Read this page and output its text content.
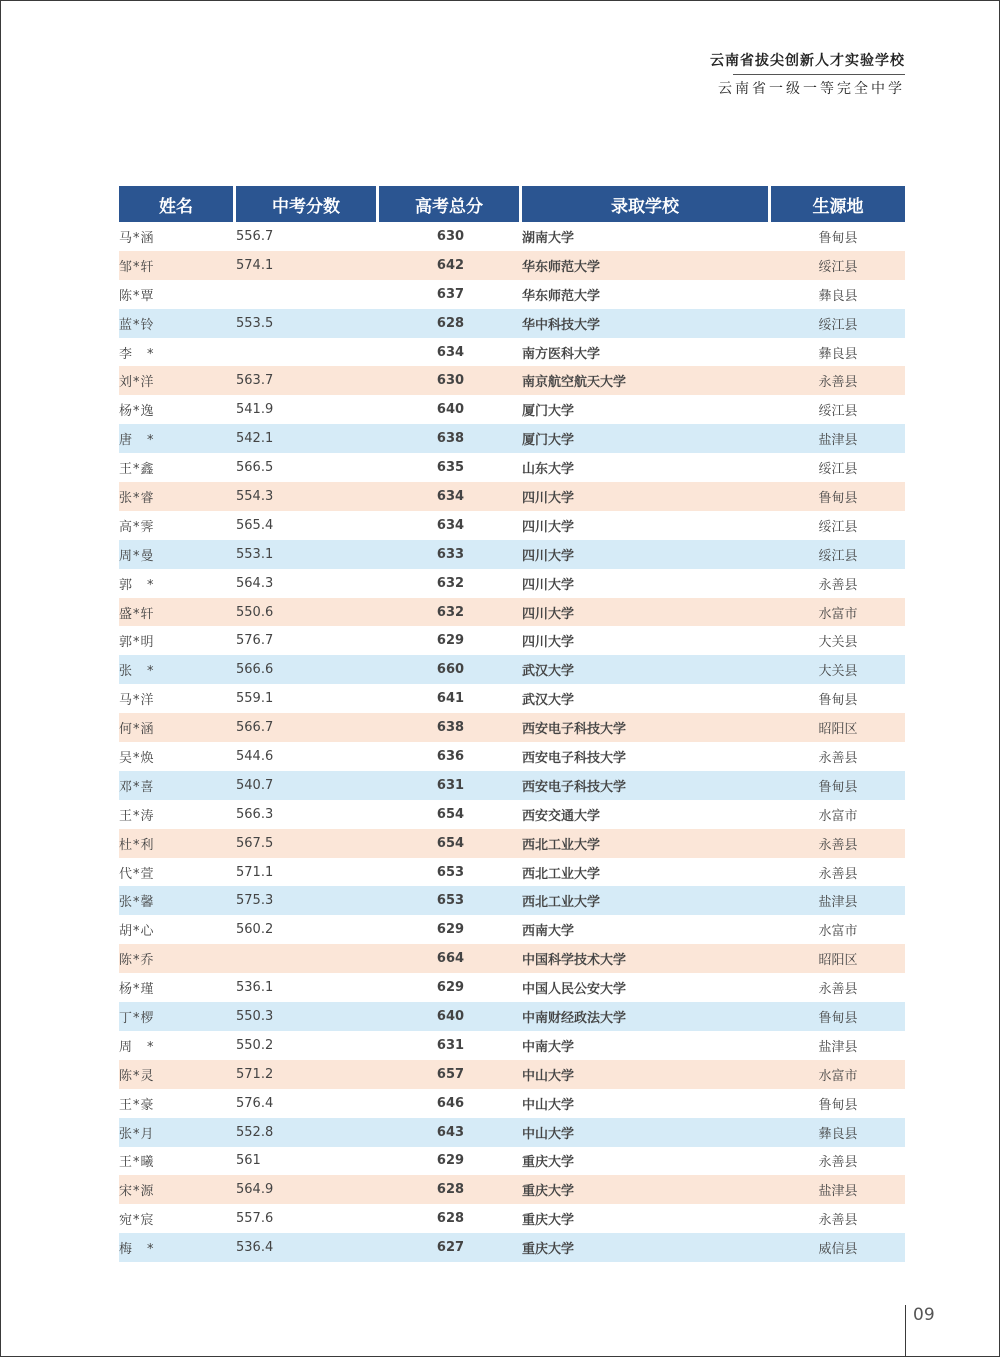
云南省拔尖创新人才实验学校
云南省一级一等完全中学
姓名	中考分数	高考总分	录取学校	生源地
马*涵	556.7	630	湖南大学	鲁甸县
邹*轩	574.1	642	华东师范大学	绥江县
陈*覃		637	华东师范大学	彝良县
蓝*铃	553.5	628	华中科技大学	绥江县
李　*		634	南方医科大学	彝良县
刘*洋	563.7	630	南京航空航天大学	永善县
杨*逸	541.9	640	厦门大学	绥江县
唐　*	542.1	638	厦门大学	盐津县
王*鑫	566.5	635	山东大学	绥江县
张*睿	554.3	634	四川大学	鲁甸县
高*霁	565.4	634	四川大学	绥江县
周*曼	553.1	633	四川大学	绥江县
郭　*	564.3	632	四川大学	永善县
盛*轩	550.6	632	四川大学	水富市
郭*明	576.7	629	四川大学	大关县
张　*	566.6	660	武汉大学	大关县
马*洋	559.1	641	武汉大学	鲁甸县
何*涵	566.7	638	西安电子科技大学	昭阳区
吴*焕	544.6	636	西安电子科技大学	永善县
邓*喜	540.7	631	西安电子科技大学	鲁甸县
王*涛	566.3	654	西安交通大学	水富市
杜*利	567.5	654	西北工业大学	永善县
代*萱	571.1	653	西北工业大学	永善县
张*馨	575.3	653	西北工业大学	盐津县
胡*心	560.2	629	西南大学	水富市
陈*乔		664	中国科学技术大学	昭阳区
杨*瑾	536.1	629	中国人民公安大学	永善县
丁*椤	550.3	640	中南财经政法大学	鲁甸县
周　*	550.2	631	中南大学	盐津县
陈*灵	571.2	657	中山大学	水富市
王*豪	576.4	646	中山大学	鲁甸县
张*月	552.8	643	中山大学	彝良县
王*曦	561	629	重庆大学	永善县
宋*源	564.9	628	重庆大学	盐津县
宛*宸	557.6	628	重庆大学	永善县
梅　*	536.4	627	重庆大学	威信县
09
